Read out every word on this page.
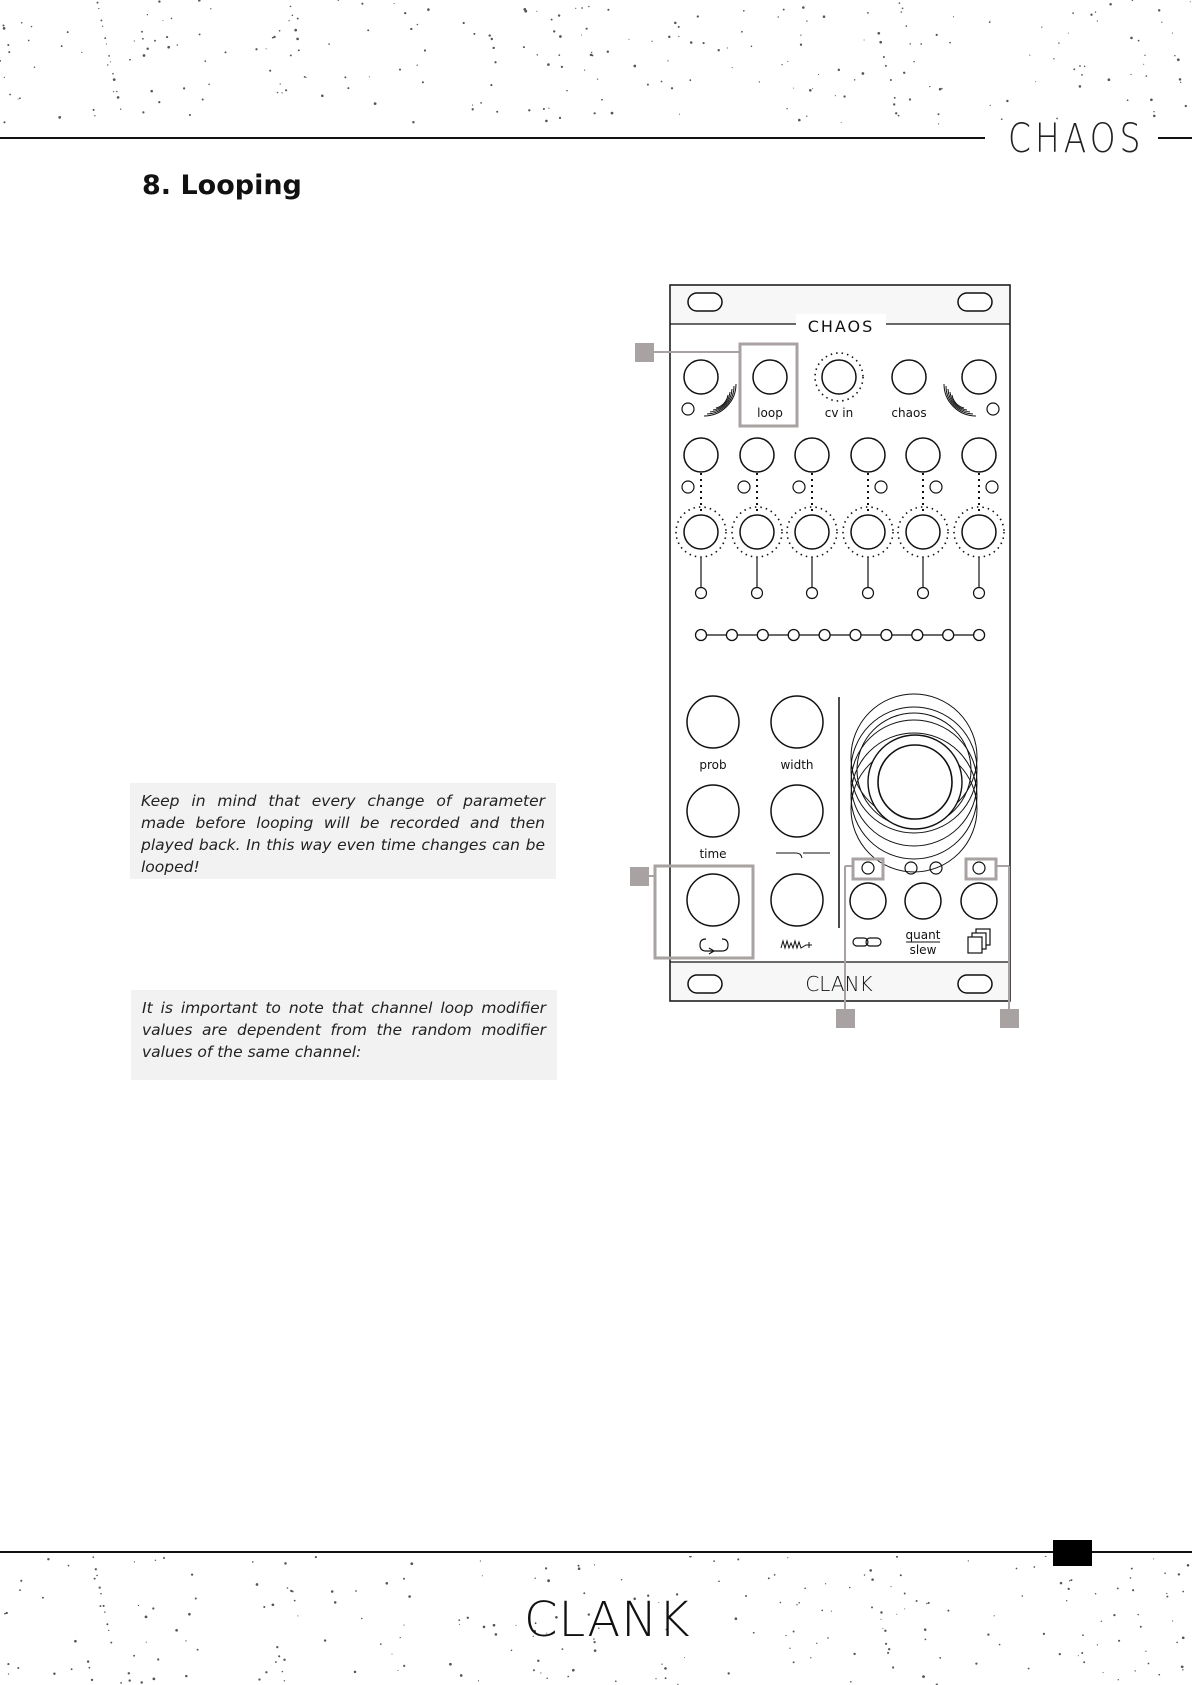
CHAOS
8. Looping
Keep in mind that every change of parameter made before looping will be recorded and then played back. In this way even time changes can be looped!
It is important to note that channel loop modifier values are dependent from the random modifier values of the same channel:
CHAOS
loop	cv in	chaos
prob	width
time
quant
slew
CLANK
CLANK
